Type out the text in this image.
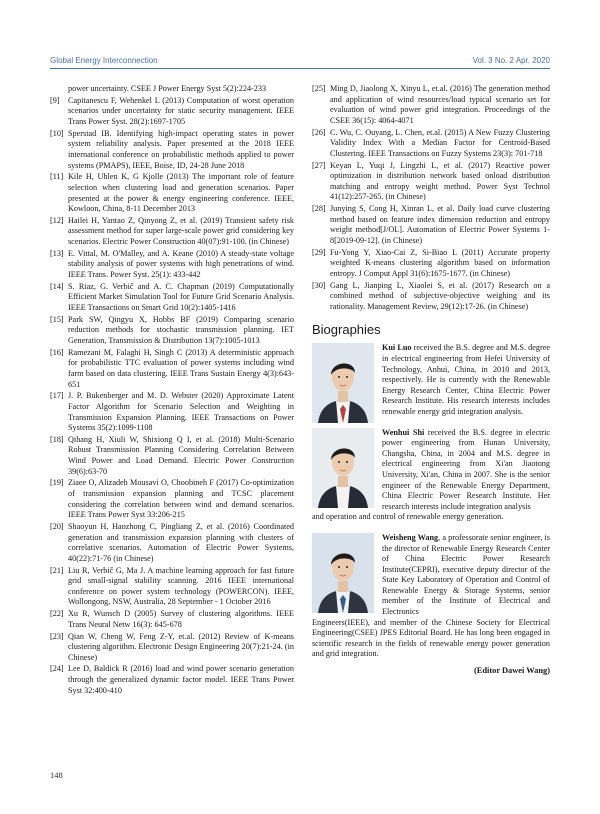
Global Energy Interconnection	Vol. 3 No. 2 Apr. 2020
power uncertainty. CSEE J Power Energy Syst 5(2):224-233
[9] Capitanescu F, Wehenkel L (2013) Computation of worst operation scenarios under uncertainty for static security management. IEEE Trans Power Syst. 28(2):1697-1705
[10] Sperstad IB. Identifying high-impact operating states in power system reliability analysis. Paper presented at the 2018 IEEE international conference on probabilistic methods applied to power systems (PMAPS), IEEE, Boise, ID, 24-28 June 2018
[11] Kile H, Uhlen K, G Kjolle (2013) The important role of feature selection when clustering load and generation scenarios. Paper presented at the power & energy engineering conference. IEEE, Kowloon, China, 8-11 December 2013
[12] Hailei H, Yantao Z, Qinyong Z, et al. (2019) Transient safety risk assessment method for super large-scale power grid considering key scenarios. Electric Power Construction 40(07):91-100. (in Chinese)
[13] E. Vittal, M. O'Malley, and A. Keane (2010) A steady-state voltage stability analysis of power systems with high penetrations of wind. IEEE Trans. Power Syst. 25(1): 433-442
[14] S. Riaz, G. Verbič and A. C. Chapman (2019) Computationally Efficient Market Simulation Tool for Future Grid Scenario Analysis. IEEE Transactions on Smart Grid 10(2):1405-1416
[15] Park SW, Qingyu X, Hobbs BF (2019) Comparing scenario reduction methods for stochastic transmission planning. IET Generation, Transmission & Distribution 13(7):1005-1013
[16] Ramezani M, Falaghi H, Singh C (2013) A deterministic approach for probabilistic TTC evaluation of power systems including wind farm based on data clustering. IEEE Trans Sustain Energy 4(3):643-651
[17] J. P. Bukenberger and M. D. Webster (2020) Approximate Latent Factor Algorithm for Scenario Selection and Weighting in Transmission Expansion Planning. IEEE Transactions on Power Systems 35(2):1099-1108
[18] Qihang H, Xiuli W, Shixiong Q I, et al. (2018) Multi-Scenario Robust Transmission Planning Considering Correlation Between Wind Power and Load Demand. Electric Power Construction 39(6):63-70
[19] Ziaee O, Alizadeh Mousavi O, Choobineh F (2017) Co-optimization of transmission expansion planning and TCSC placement considering the correlation between wind and demand scenarios. IEEE Trans Power Syst 33:206-215
[20] Shaoyun H, Haozhong C, Pingliang Z, et al. (2016) Coordinated generation and transmission expansion planning with clusters of correlative scenarios. Automation of Electric Power Systems, 40(22):71-76 (in Chinese)
[21] Liu R, Verbič G, Ma J. A machine learning approach for fast future grid small-signal stability scanning. 2016 IEEE international conference on power system technology (POWERCON). IEEE, Wollongong, NSW, Australia, 28 September - 1 October 2016
[22] Xu R, Wunsch D (2005) Survey of clustering algorithms. IEEE Trans Neural Netw 16(3): 645-678
[23] Qian W, Cheng W, Feng Z-Y, et.al. (2012) Review of K-means clustering algorithm. Electronic Design Engineering 20(7):21-24. (in Chinese)
[24] Lee D, Baldick R (2016) load and wind power scenario generation through the generalized dynamic factor model. IEEE Trans Power Syst 32:400-410
[25] Ming D, Jiaolong X, Xinyu L, et.al. (2016) The generation method and application of wind resources/load typical scenario set for evaluation of wind power grid integration. Proceedings of the CSEE 36(15): 4064-4071
[26] C. Wu, C. Ouyang, L. Chen, et.al. (2015) A New Fuzzy Clustering Validity Index With a Median Factor for Centroid-Based Clustering. IEEE Transactions on Fuzzy Systems 23(3): 701-718
[27] Keyan L, Yuqi J, Lingzhi L, et al. (2017) Reactive power optimization in distribution network based onload distribution matching and entropy weight method. Power Syst Technol 41(12):257-265. (in Chinese)
[28] Junying S, Cong H, Xinran L, et al. Daily load curve clustering method based on feature index dimension reduction and entropy weight method[J/OL]. Automation of Electric Power Systems 1-8[2019-09-12]. (in Chinese)
[29] Fu-Yong Y, Xiao-Cai Z, Si-Biao L (2011) Accurate property weighted K-means clustering algorithm based on information entropy. J Comput Appl 31(6):1675-1677. (in Chinese)
[30] Gang L, Jianping L, Xiaolei S, et al. (2017) Research on a combined method of subjective-objective weighing and its rationality. Management Review, 29(12):17-26. (in Chinese)
Biographies
Kui Luo received the B.S. degree and M.S. degree in electrical engineering from Hefei University of Technology, Anhui, China, in 2010 and 2013, respectively. He is currently with the Renewable Energy Research Center, China Electric Power Research Institute. His research interests includes renewable energy grid integration analysis.
Wenhui Shi received the B.S. degree in electric power engineering from Hunan University, Changsha, China, in 2004 and M.S. degree in electrical engineering from Xi'an Jiaotong University, Xi'an, China in 2007. She is the senior engineer of the Renewable Energy Department, China Electric Power Research Institute. Her research interests include integration analysis
and operation and control of renewable energy generation.
Weisheng Wang, a professorate senior engineer, is the director of Renewable Energy Research Center of China Electric Power Research Institute(CEPRI), executive deputy director of the State Key Laboratory of Operation and Control of Renewable Energy & Storage Systems, senior member of the Institute of Electrical and Electronics
Engineers(IEEE), and member of the Chinese Society for Electrical Engineering(CSEE) JPES Editorial Board. He has long been engaged in scientific research in the fields of renewable energy power generation and grid integration.
(Editor Dawei Wang)
148
